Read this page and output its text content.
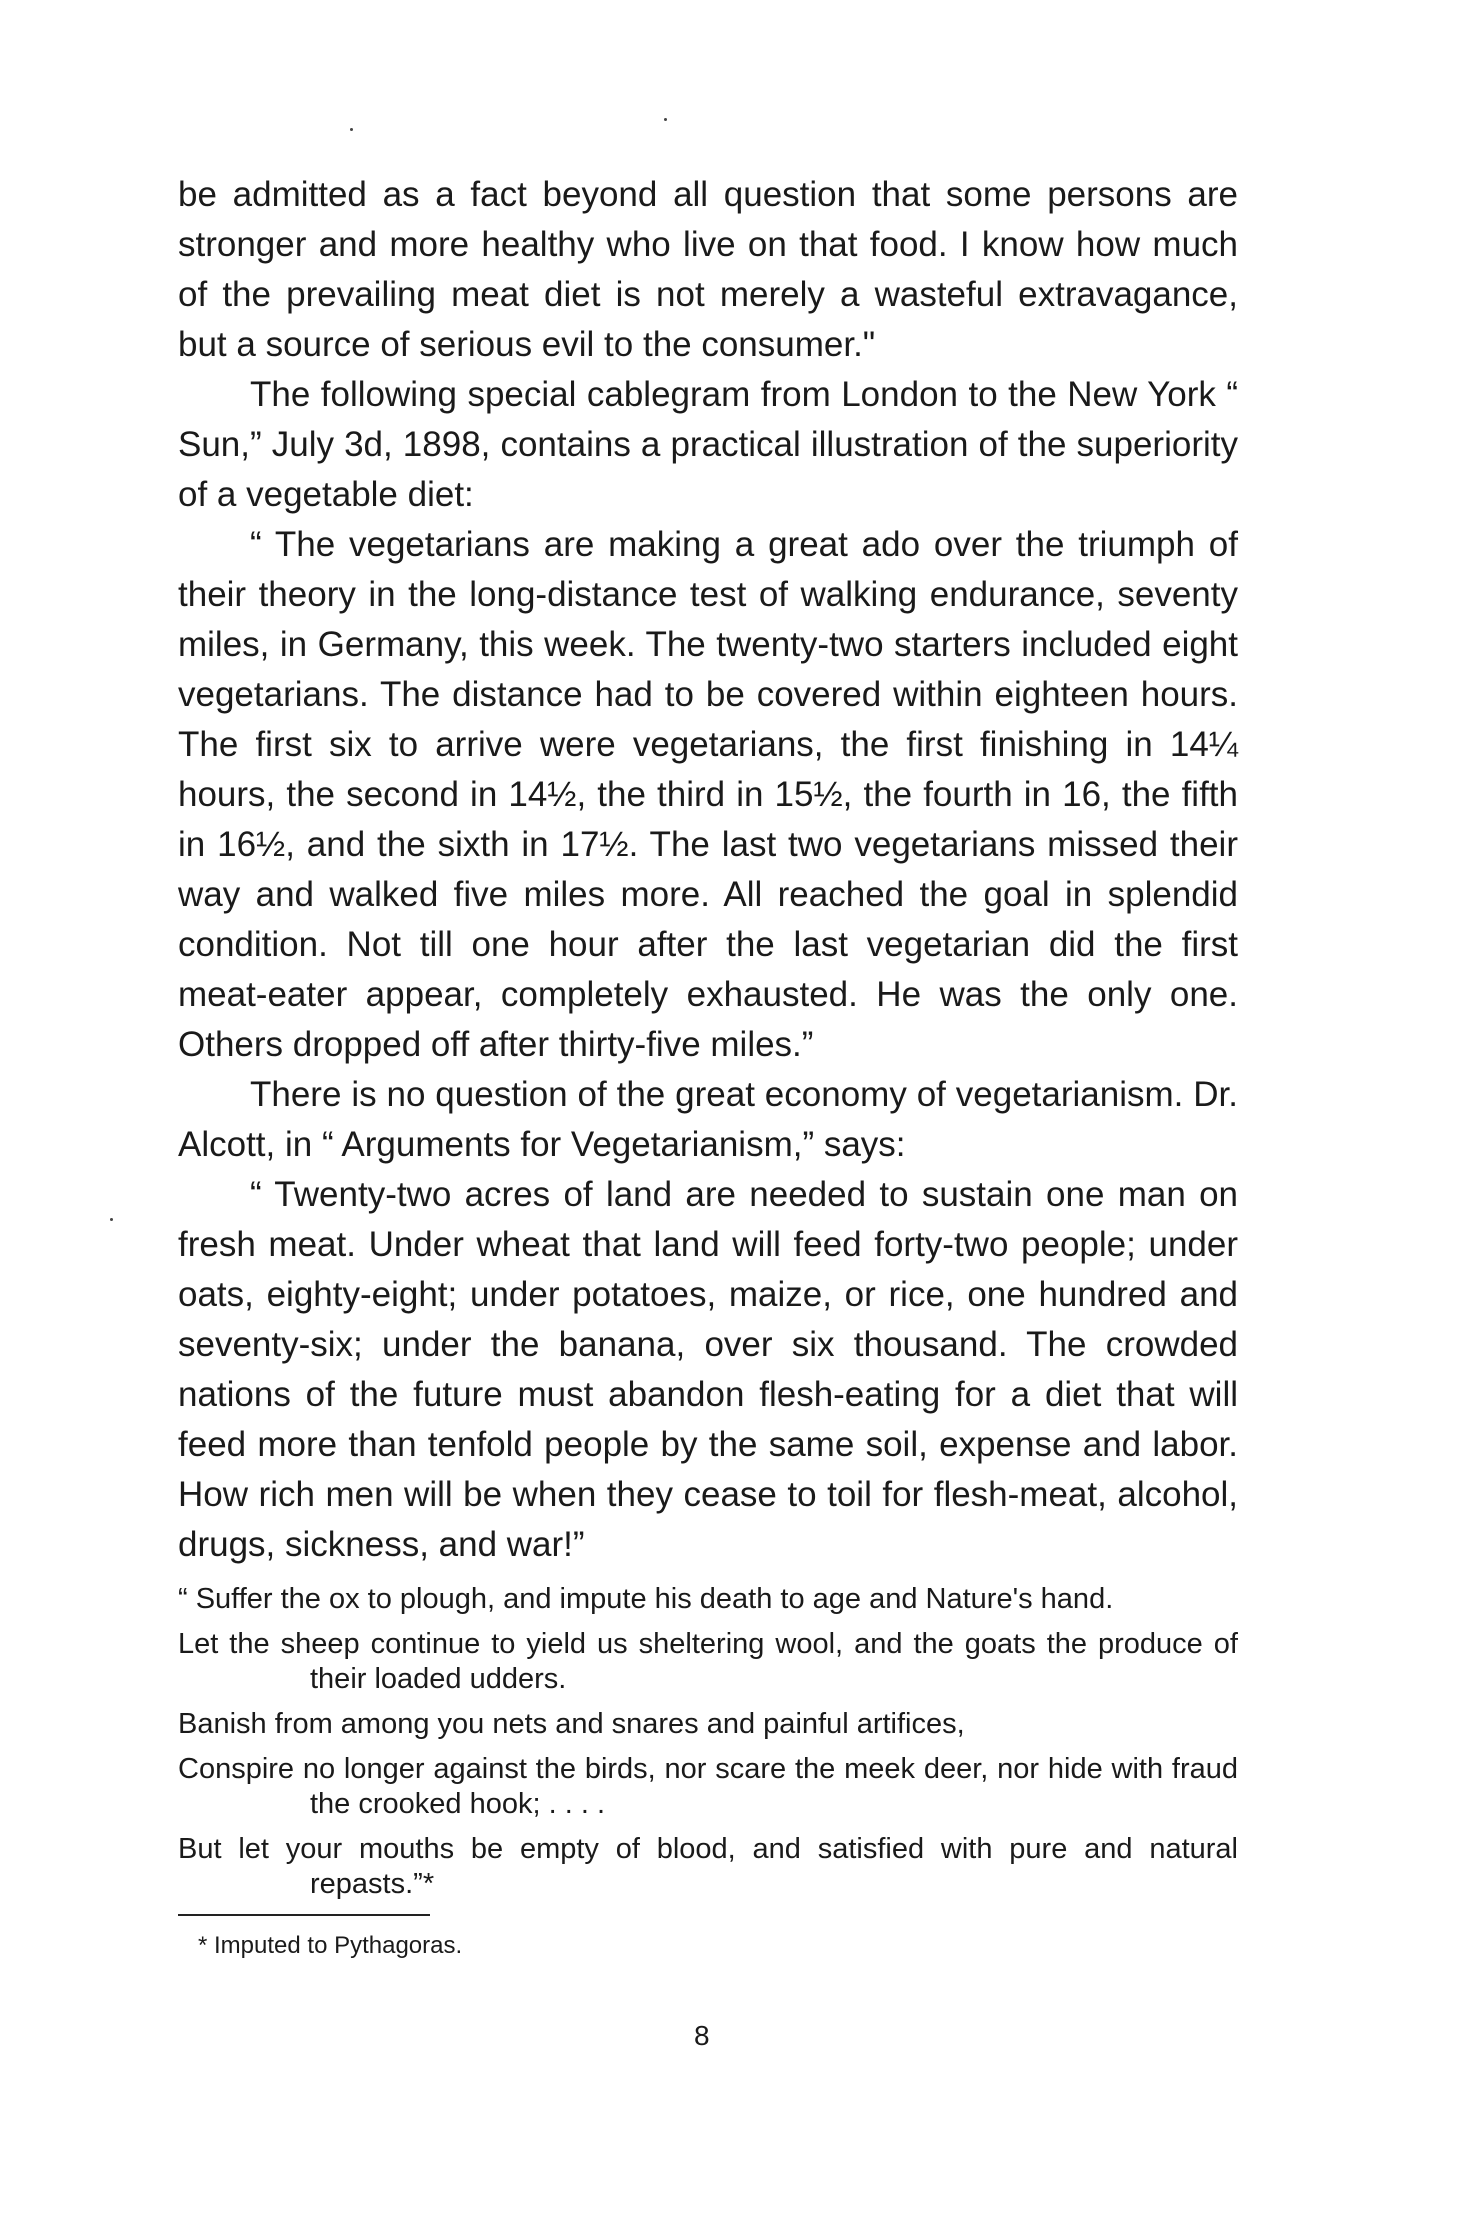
be admitted as a fact beyond all question that some persons are stronger and more healthy who live on that food. I know how much of the prevailing meat diet is not merely a wasteful extravagance, but a source of serious evil to the consumer."

The following special cablegram from London to the New York “ Sun,” July 3d, 1898, contains a practical illustration of the superiority of a vegetable diet:

“ The vegetarians are making a great ado over the triumph of their theory in the long-distance test of walking endurance, seventy miles, in Germany, this week. The twenty-two starters included eight vegetarians. The distance had to be covered within eighteen hours. The first six to arrive were vegetarians, the first finishing in 14¼ hours, the second in 14½, the third in 15½, the fourth in 16, the fifth in 16½, and the sixth in 17½. The last two vegetarians missed their way and walked five miles more. All reached the goal in splendid condition. Not till one hour after the last vegetarian did the first meat-eater appear, completely exhausted. He was the only one. Others dropped off after thirty-five miles.”

There is no question of the great economy of vegetarianism. Dr. Alcott, in “ Arguments for Vegetarianism,” says:

“ Twenty-two acres of land are needed to sustain one man on fresh meat. Under wheat that land will feed forty-two people; under oats, eighty-eight; under potatoes, maize, or rice, one hundred and seventy-six; under the banana, over six thousand. The crowded nations of the future must abandon flesh-eating for a diet that will feed more than tenfold people by the same soil, expense and labor. How rich men will be when they cease to toil for flesh-meat, alcohol, drugs, sickness, and war!”

“ Suffer the ox to plough, and impute his death to age and Nature's hand.

Let the sheep continue to yield us sheltering wool, and the goats the produce of their loaded udders.

Banish from among you nets and snares and painful artifices,

Conspire no longer against the birds, nor scare the meek deer, nor hide with fraud the crooked hook; . . . .

But let your mouths be empty of blood, and satisfied with pure and natural repasts.”*

* Imputed to Pythagoras.
8
